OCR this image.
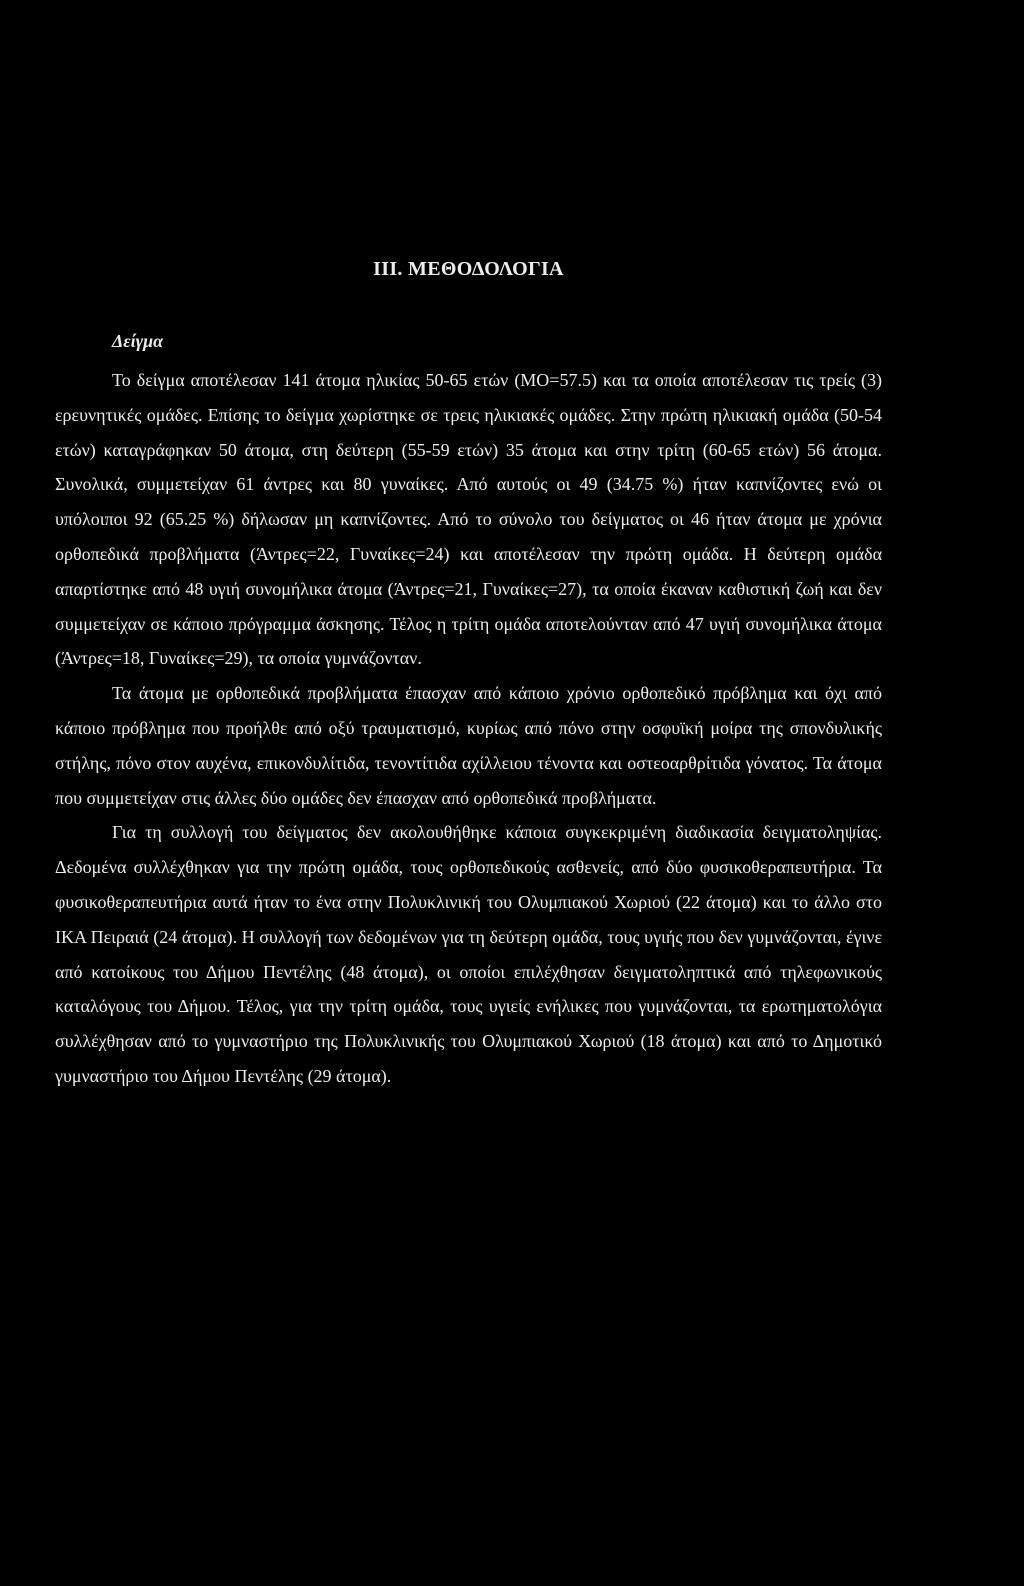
III. ΜΕΘΟΔΟΛΟΓΙΑ
Δείγμα

Το δείγμα αποτέλεσαν 141 άτομα ηλικίας 50-65 ετών (ΜΟ=57.5) και τα οποία αποτέλεσαν τις τρείς (3) ερευνητικές ομάδες. Επίσης το δείγμα χωρίστηκε σε τρεις ηλικιακές ομάδες. Στην πρώτη ηλικιακή ομάδα (50-54 ετών) καταγράφηκαν 50 άτομα, στη δεύτερη (55-59 ετών) 35 άτομα και στην τρίτη (60-65 ετών) 56 άτομα. Συνολικά, συμμετείχαν 61 άντρες και 80 γυναίκες. Από αυτούς οι 49 (34.75 %) ήταν καπνίζοντες ενώ οι υπόλοιποι 92 (65.25 %) δήλωσαν μη καπνίζοντες. Από το σύνολο του δείγματος οι 46 ήταν άτομα με χρόνια ορθοπεδικά προβλήματα (Άντρες=22, Γυναίκες=24) και αποτέλεσαν την πρώτη ομάδα. Η δεύτερη ομάδα απαρτίστηκε από 48 υγιή συνομήλικα άτομα (Άντρες=21, Γυναίκες=27), τα οποία έκαναν καθιστική ζωή και δεν συμμετείχαν σε κάποιο πρόγραμμα άσκησης. Τέλος η τρίτη ομάδα αποτελούνταν από 47 υγιή συνομήλικα άτομα (Άντρες=18, Γυναίκες=29), τα οποία γυμνάζονταν.

Τα άτομα με ορθοπεδικά προβλήματα έπασχαν από κάποιο χρόνιο ορθοπεδικό πρόβλημα και όχι από κάποιο πρόβλημα που προήλθε από οξύ τραυματισμό, κυρίως από πόνο στην οσφυϊκή μοίρα της σπονδυλικής στήλης, πόνο στον αυχένα, επικονδυλίτιδα, τενοντίτιδα αχίλλειου τένοντα και οστεοαρθρίτιδα γόνατος. Τα άτομα που συμμετείχαν στις άλλες δύο ομάδες δεν έπασχαν από ορθοπεδικά προβλήματα.

Για τη συλλογή του δείγματος δεν ακολουθήθηκε κάποια συγκεκριμένη διαδικασία δειγματοληψίας. Δεδομένα συλλέχθηκαν για την πρώτη ομάδα, τους ορθοπεδικούς ασθενείς, από δύο φυσικοθεραπευτήρια. Τα φυσικοθεραπευτήρια αυτά ήταν το ένα στην Πολυκλινική του Ολυμπιακού Χωριού (22 άτομα) και το άλλο στο ΙΚΑ Πειραιά (24 άτομα). Η συλλογή των δεδομένων για τη δεύτερη ομάδα, τους υγιής που δεν γυμνάζονται, έγινε από κατοίκους του Δήμου Πεντέλης (48 άτομα), οι οποίοι επιλέχθησαν δειγματοληπτικά από τηλεφωνικούς καταλόγους του Δήμου. Τέλος, για την τρίτη ομάδα, τους υγιείς ενήλικες που γυμνάζονται, τα ερωτηματολόγια συλλέχθησαν από το γυμναστήριο της Πολυκλινικής του Ολυμπιακού Χωριού (18 άτομα) και από το Δημοτικό γυμναστήριο του Δήμου Πεντέλης (29 άτομα).
